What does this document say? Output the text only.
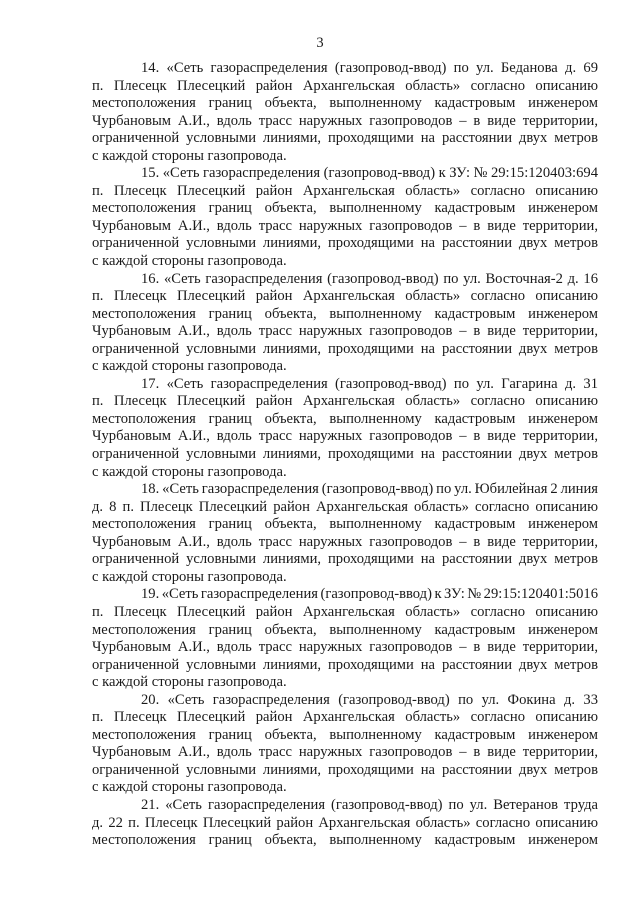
3
14. «Сеть газораспределения (газопровод-ввод) по ул. Беданова д. 69
п. Плесецк Плесецкий район Архангельская область» согласно описанию
местоположения границ объекта, выполненному кадастровым инженером
Чурбановым А.И., вдоль трасс наружных газопроводов – в виде территории,
ограниченной условными линиями, проходящими на расстоянии двух метров
с каждой стороны газопровода.
15. «Сеть газораспределения (газопровод-ввод) к ЗУ: № 29:15:120403:694
п. Плесецк Плесецкий район Архангельская область» согласно описанию
местоположения границ объекта, выполненному кадастровым инженером
Чурбановым А.И., вдоль трасс наружных газопроводов – в виде территории,
ограниченной условными линиями, проходящими на расстоянии двух метров
с каждой стороны газопровода.
16. «Сеть газораспределения (газопровод-ввод) по ул. Восточная-2 д. 16
п. Плесецк Плесецкий район Архангельская область» согласно описанию
местоположения границ объекта, выполненному кадастровым инженером
Чурбановым А.И., вдоль трасс наружных газопроводов – в виде территории,
ограниченной условными линиями, проходящими на расстоянии двух метров
с каждой стороны газопровода.
17. «Сеть газораспределения (газопровод-ввод) по ул. Гагарина д. 31
п. Плесецк Плесецкий район Архангельская область» согласно описанию
местоположения границ объекта, выполненному кадастровым инженером
Чурбановым А.И., вдоль трасс наружных газопроводов – в виде территории,
ограниченной условными линиями, проходящими на расстоянии двух метров
с каждой стороны газопровода.
18. «Сеть газораспределения (газопровод-ввод) по ул. Юбилейная 2 линия
д. 8 п. Плесецк Плесецкий район Архангельская область» согласно описанию
местоположения границ объекта, выполненному кадастровым инженером
Чурбановым А.И., вдоль трасс наружных газопроводов – в виде территории,
ограниченной условными линиями, проходящими на расстоянии двух метров
с каждой стороны газопровода.
19. «Сеть газораспределения (газопровод-ввод) к ЗУ: № 29:15:120401:5016
п. Плесецк Плесецкий район Архангельская область» согласно описанию
местоположения границ объекта, выполненному кадастровым инженером
Чурбановым А.И., вдоль трасс наружных газопроводов – в виде территории,
ограниченной условными линиями, проходящими на расстоянии двух метров
с каждой стороны газопровода.
20. «Сеть газораспределения (газопровод-ввод) по ул. Фокина д. 33
п. Плесецк Плесецкий район Архангельская область» согласно описанию
местоположения границ объекта, выполненному кадастровым инженером
Чурбановым А.И., вдоль трасс наружных газопроводов – в виде территории,
ограниченной условными линиями, проходящими на расстоянии двух метров
с каждой стороны газопровода.
21. «Сеть газораспределения (газопровод-ввод) по ул. Ветеранов труда
д. 22 п. Плесецк Плесецкий район Архангельская область» согласно описанию
местоположения границ объекта, выполненному кадастровым инженером
